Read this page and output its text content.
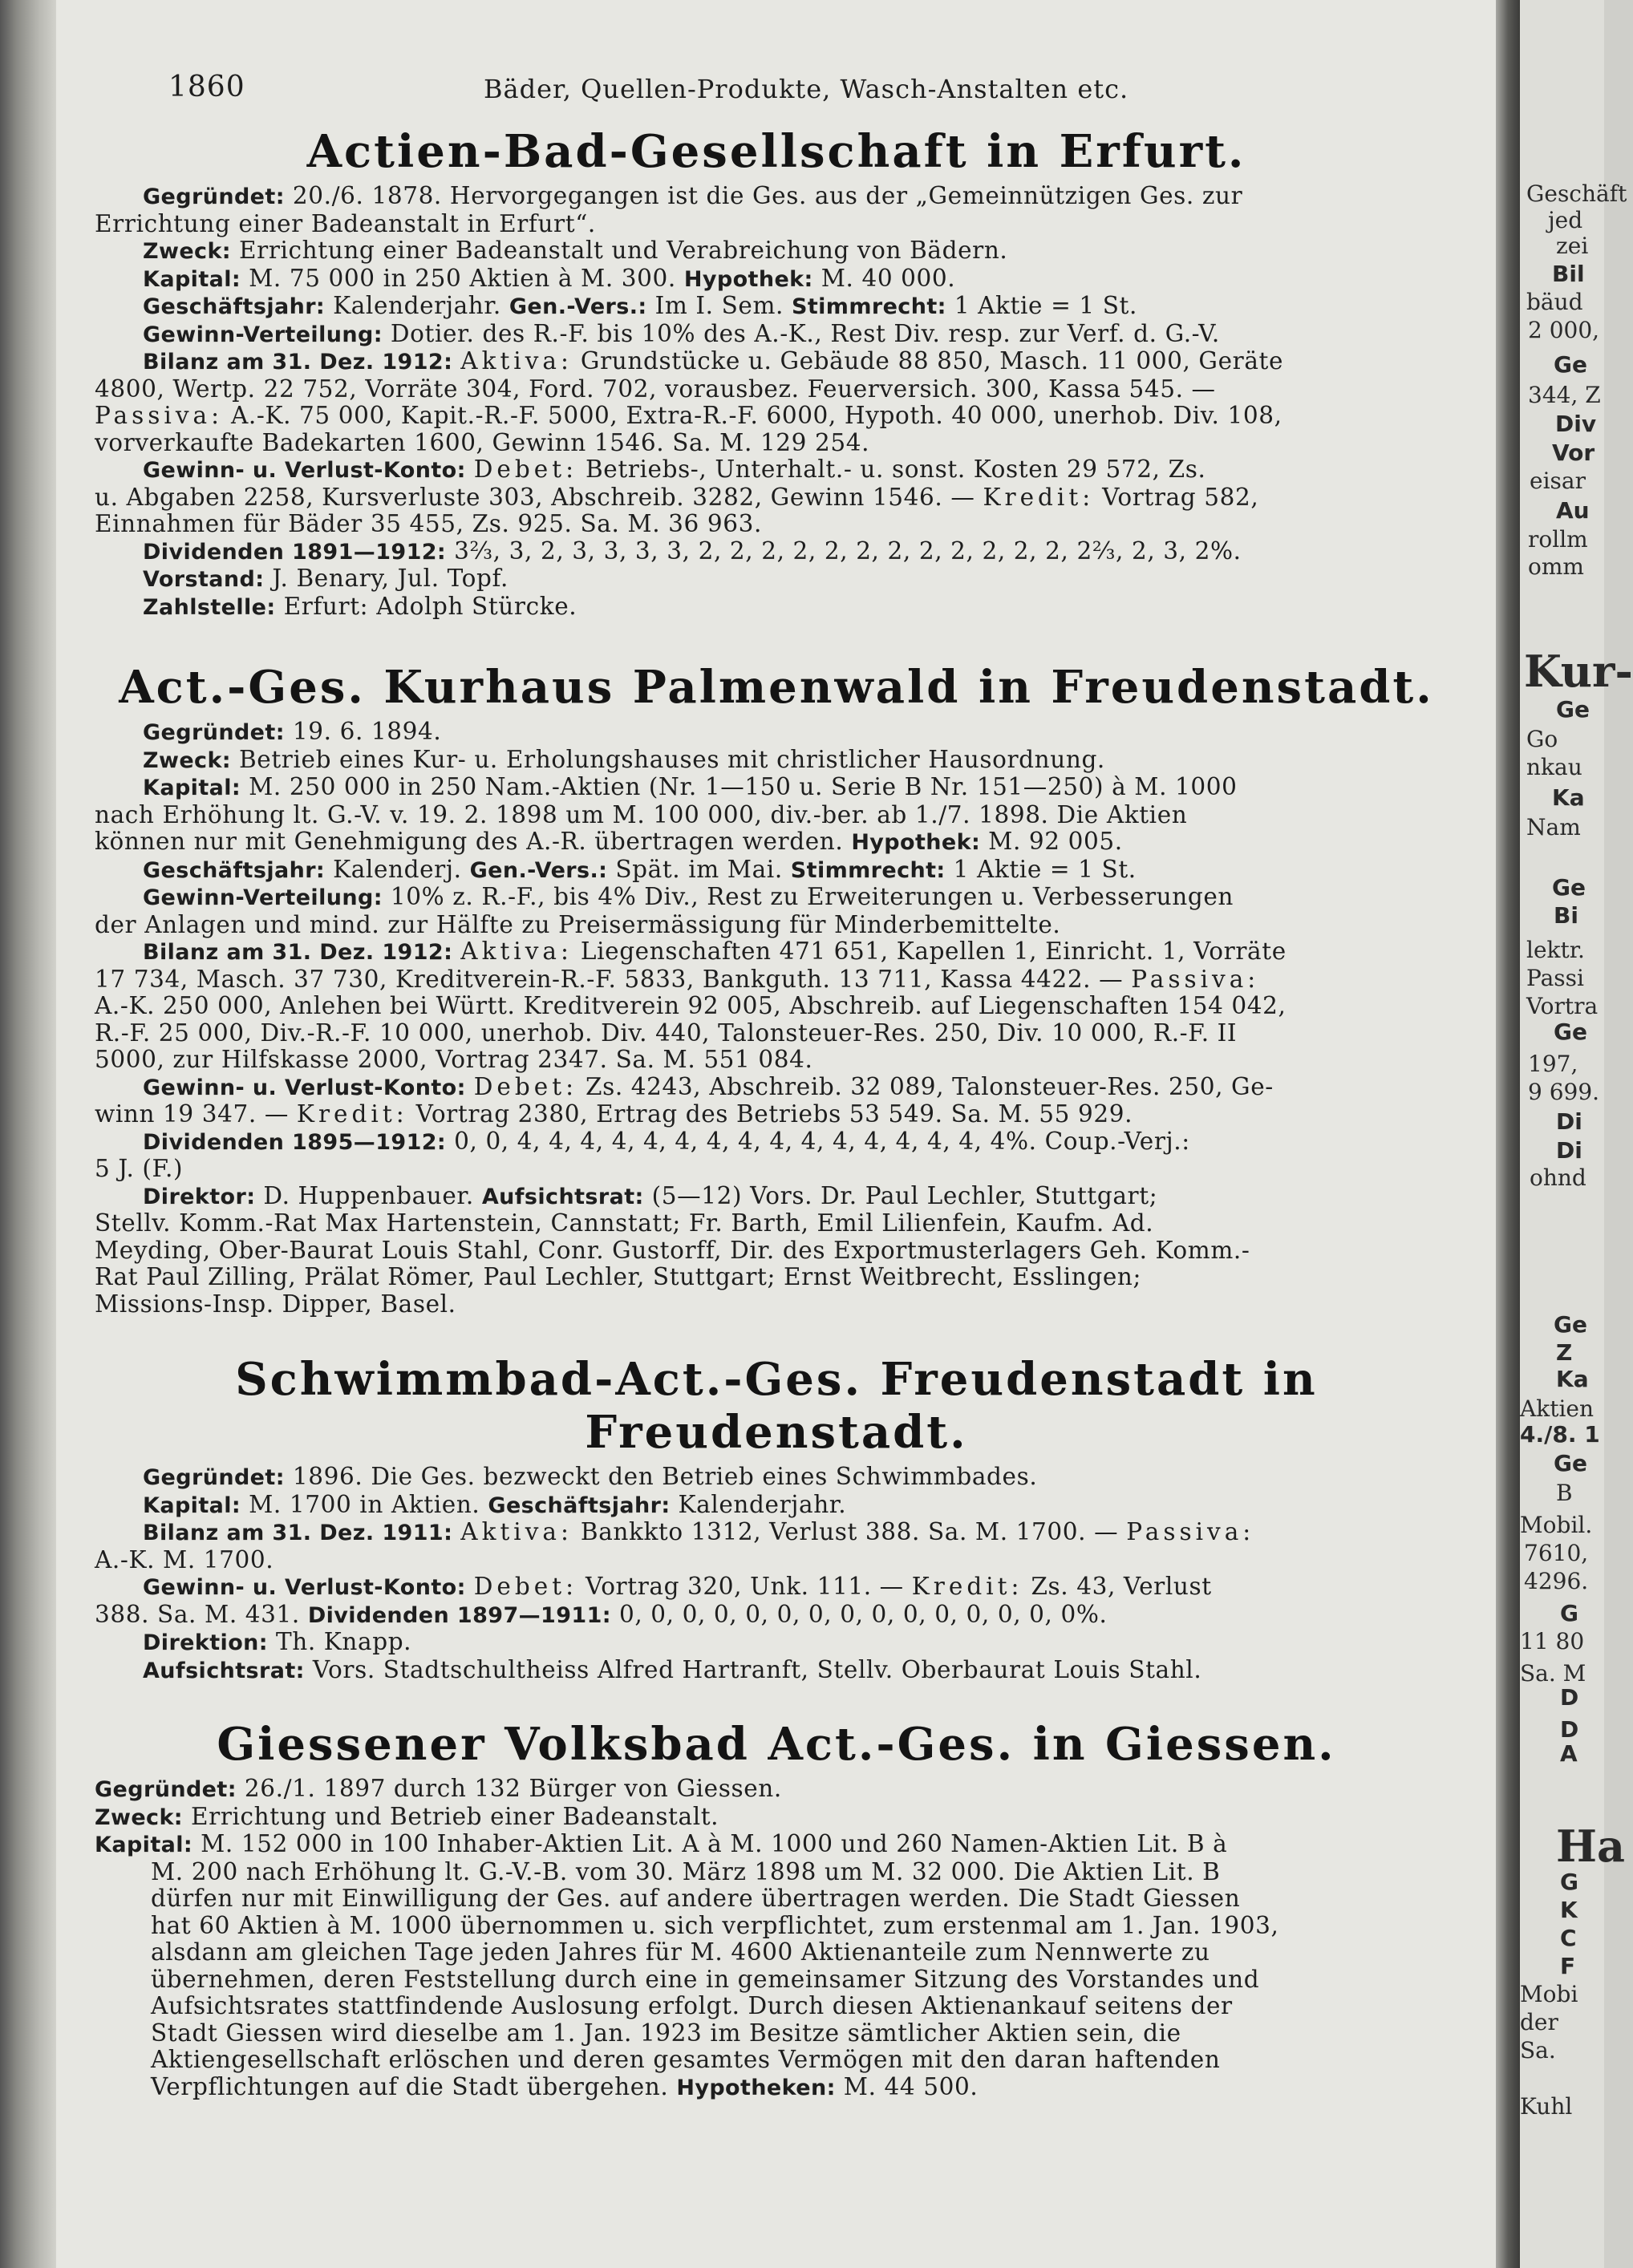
Geschäft
jed
zei
Bil
bäud
2 000,
Ge
344, Z
Div
Vor
eisar
Au
rollm
omm
Kur-
Ge
Go
nkau
Ka
Nam
Ge
Bi
lektr.
Passi
Vortra
Ge
197,
9 699.
Di
Di
ohnd
Ge
Z
Ka
Aktien
4./8. 1
Ge
B
Mobil.
7610,
4296.
G
11 80
Sa. M
D
D
A
Ha
G
K
C
F
Mobi
der
Sa.
Kuhl
1860	Bäder, Quellen-Produkte, Wasch-Anstalten etc.
Actien-Bad-Gesellschaft in Erfurt.
Gegründet: 20./6. 1878. Hervorgegangen ist die Ges. aus der „Gemeinnützigen Ges. zur
Errichtung einer Badeanstalt in Erfurt“.
Zweck: Errichtung einer Badeanstalt und Verabreichung von Bädern.
Kapital: M. 75 000 in 250 Aktien à M. 300. Hypothek: M. 40 000.
Geschäftsjahr: Kalenderjahr. Gen.-Vers.: Im I. Sem. Stimmrecht: 1 Aktie = 1 St.
Gewinn-Verteilung: Dotier. des R.-F. bis 10% des A.-K., Rest Div. resp. zur Verf. d. G.-V.
Bilanz am 31. Dez. 1912: Aktiva: Grundstücke u. Gebäude 88 850, Masch. 11 000, Geräte
4800, Wertp. 22 752, Vorräte 304, Ford. 702, vorausbez. Feuerversich. 300, Kassa 545. —
Passiva: A.-K. 75 000, Kapit.-R.-F. 5000, Extra-R.-F. 6000, Hypoth. 40 000, unerhob. Div. 108,
vorverkaufte Badekarten 1600, Gewinn 1546. Sa. M. 129 254.
Gewinn- u. Verlust-Konto: Debet: Betriebs-, Unterhalt.- u. sonst. Kosten 29 572, Zs.
u. Abgaben 2258, Kursverluste 303, Abschreib. 3282, Gewinn 1546. — Kredit: Vortrag 582,
Einnahmen für Bäder 35 455, Zs. 925. Sa. M. 36 963.
Dividenden 1891—1912: 3⅔, 3, 2, 3, 3, 3, 3, 2, 2, 2, 2, 2, 2, 2, 2, 2, 2, 2, 2, 2⅔, 2, 3, 2%.
Vorstand: J. Benary, Jul. Topf.
Zahlstelle: Erfurt: Adolph Stürcke.
Act.-Ges. Kurhaus Palmenwald in Freudenstadt.
Gegründet: 19. 6. 1894.
Zweck: Betrieb eines Kur- u. Erholungshauses mit christlicher Hausordnung.
Kapital: M. 250 000 in 250 Nam.-Aktien (Nr. 1—150 u. Serie B Nr. 151—250) à M. 1000
nach Erhöhung lt. G.-V. v. 19. 2. 1898 um M. 100 000, div.-ber. ab 1./7. 1898. Die Aktien
können nur mit Genehmigung des A.-R. übertragen werden. Hypothek: M. 92 005.
Geschäftsjahr: Kalenderj. Gen.-Vers.: Spät. im Mai. Stimmrecht: 1 Aktie = 1 St.
Gewinn-Verteilung: 10% z. R.-F., bis 4% Div., Rest zu Erweiterungen u. Verbesserungen
der Anlagen und mind. zur Hälfte zu Preisermässigung für Minderbemittelte.
Bilanz am 31. Dez. 1912: Aktiva: Liegenschaften 471 651, Kapellen 1, Einricht. 1, Vorräte
17 734, Masch. 37 730, Kreditverein-R.-F. 5833, Bankguth. 13 711, Kassa 4422. — Passiva:
A.-K. 250 000, Anlehen bei Württ. Kreditverein 92 005, Abschreib. auf Liegenschaften 154 042,
R.-F. 25 000, Div.-R.-F. 10 000, unerhob. Div. 440, Talonsteuer-Res. 250, Div. 10 000, R.-F. II
5000, zur Hilfskasse 2000, Vortrag 2347. Sa. M. 551 084.
Gewinn- u. Verlust-Konto: Debet: Zs. 4243, Abschreib. 32 089, Talonsteuer-Res. 250, Ge-
winn 19 347. — Kredit: Vortrag 2380, Ertrag des Betriebs 53 549. Sa. M. 55 929.
Dividenden 1895—1912: 0, 0, 4, 4, 4, 4, 4, 4, 4, 4, 4, 4, 4, 4, 4, 4, 4, 4%. Coup.-Verj.:
5 J. (F.)
Direktor: D. Huppenbauer. Aufsichtsrat: (5—12) Vors. Dr. Paul Lechler, Stuttgart;
Stellv. Komm.-Rat Max Hartenstein, Cannstatt; Fr. Barth, Emil Lilienfein, Kaufm. Ad.
Meyding, Ober-Baurat Louis Stahl, Conr. Gustorff, Dir. des Exportmusterlagers Geh. Komm.-
Rat Paul Zilling, Prälat Römer, Paul Lechler, Stuttgart; Ernst Weitbrecht, Esslingen;
Missions-Insp. Dipper, Basel.
Schwimmbad-Act.-Ges. Freudenstadt in Freudenstadt.
Gegründet: 1896. Die Ges. bezweckt den Betrieb eines Schwimmbades.
Kapital: M. 1700 in Aktien. Geschäftsjahr: Kalenderjahr.
Bilanz am 31. Dez. 1911: Aktiva: Bankkto 1312, Verlust 388. Sa. M. 1700. — Passiva:
A.-K. M. 1700.
Gewinn- u. Verlust-Konto: Debet: Vortrag 320, Unk. 111. — Kredit: Zs. 43, Verlust
388. Sa. M. 431. Dividenden 1897—1911: 0, 0, 0, 0, 0, 0, 0, 0, 0, 0, 0, 0, 0, 0, 0%.
Direktion: Th. Knapp.
Aufsichtsrat: Vors. Stadtschultheiss Alfred Hartranft, Stellv. Oberbaurat Louis Stahl.
Giessener Volksbad Act.-Ges. in Giessen.
Gegründet: 26./1. 1897 durch 132 Bürger von Giessen.
Zweck: Errichtung und Betrieb einer Badeanstalt.
Kapital: M. 152 000 in 100 Inhaber-Aktien Lit. A à M. 1000 und 260 Namen-Aktien Lit. B à
M. 200 nach Erhöhung lt. G.-V.-B. vom 30. März 1898 um M. 32 000. Die Aktien Lit. B
dürfen nur mit Einwilligung der Ges. auf andere übertragen werden. Die Stadt Giessen
hat 60 Aktien à M. 1000 übernommen u. sich verpflichtet, zum erstenmal am 1. Jan. 1903,
alsdann am gleichen Tage jeden Jahres für M. 4600 Aktienanteile zum Nennwerte zu
übernehmen, deren Feststellung durch eine in gemeinsamer Sitzung des Vorstandes und
Aufsichtsrates stattfindende Auslosung erfolgt. Durch diesen Aktienankauf seitens der
Stadt Giessen wird dieselbe am 1. Jan. 1923 im Besitze sämtlicher Aktien sein, die
Aktiengesellschaft erlöschen und deren gesamtes Vermögen mit den daran haftenden
Verpflichtungen auf die Stadt übergehen. Hypotheken: M. 44 500.
